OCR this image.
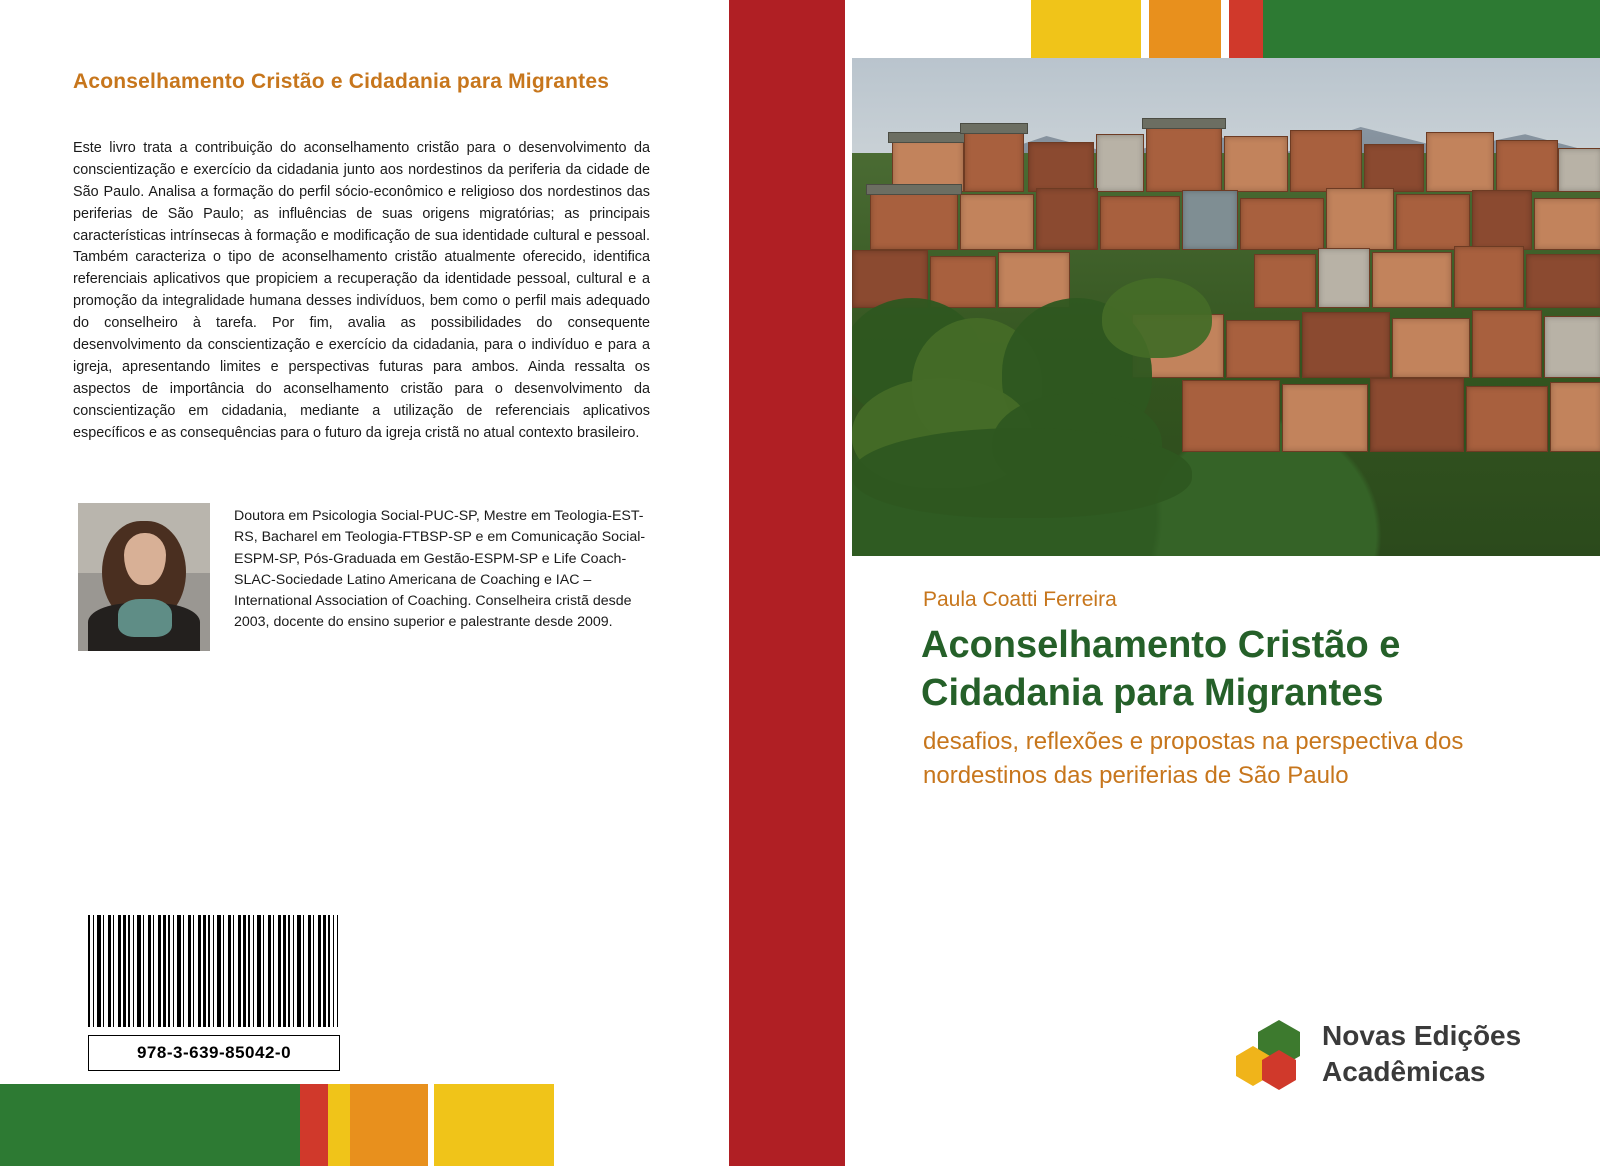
Aconselhamento Cristão e Cidadania para Migrantes
Este livro trata a contribuição do aconselhamento cristão para o desenvolvimento da conscientização e exercício da cidadania junto aos nordestinos da periferia da cidade de São Paulo. Analisa a formação do perfil sócio-econômico e religioso dos nordestinos das periferias de São Paulo; as influências de suas origens migratórias; as principais características intrínsecas à formação e modificação de sua identidade cultural e pessoal. Também caracteriza o tipo de aconselhamento cristão atualmente oferecido, identifica referenciais aplicativos que propiciem a recuperação da identidade pessoal, cultural e a promoção da integralidade humana desses indivíduos, bem como o perfil mais adequado do conselheiro à tarefa. Por fim, avalia as possibilidades do consequente desenvolvimento da conscientização e exercício da cidadania, para o indivíduo e para a igreja, apresentando limites e perspectivas futuras para ambos. Ainda ressalta os aspectos de importância do aconselhamento cristão para o desenvolvimento da conscientização em cidadania, mediante a utilização de referenciais aplicativos específicos e as consequências para o futuro da igreja cristã no atual contexto brasileiro.
Doutora em Psicologia Social-PUC-SP, Mestre em Teologia-EST-RS, Bacharel em Teologia-FTBSP-SP e em Comunicação Social-ESPM-SP, Pós-Graduada em Gestão-ESPM-SP e Life Coach-SLAC-Sociedade Latino Americana de Coaching e IAC – International Association of Coaching. Conselheira cristã desde 2003, docente do ensino superior e palestrante desde 2009.
978-3-639-85042-0
Paula Coatti Ferreira
Aconselhamento Cristão e Cidadania para Migrantes
desafios, reflexões e propostas na perspectiva dos nordestinos das periferias de São Paulo
Novas Edições
Acadêmicas
